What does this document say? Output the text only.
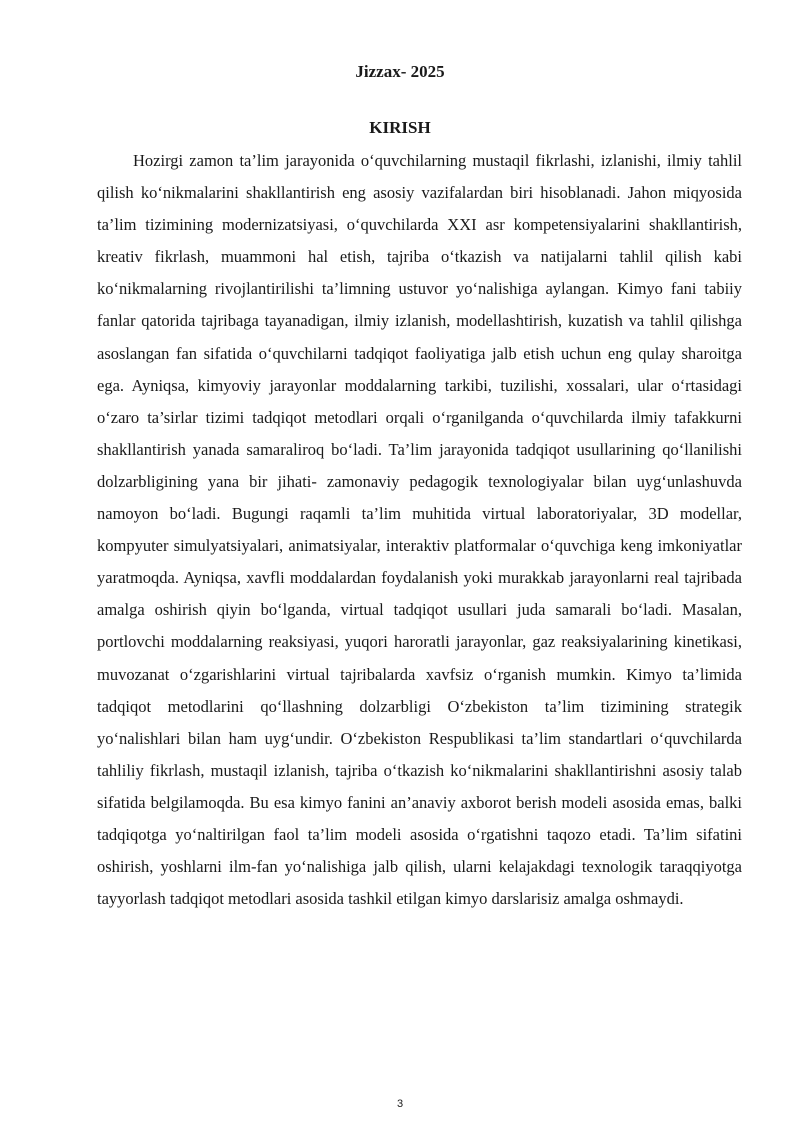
Jizzax- 2025
KIRISH

Hozirgi zamon ta’lim jarayonida o‘quvchilarning mustaqil fikrlashi, izlanishi, ilmiy tahlil qilish ko‘nikmalarini shakllantirish eng asosiy vazifalardan biri hisoblanadi. Jahon miqyosida ta’lim tizimining modernizatsiyasi, o‘quvchilarda XXI asr kompetensiyalarini shakllantirish, kreativ fikrlash, muammoni hal etish, tajriba o‘tkazish va natijalarni tahlil qilish kabi ko‘nikmalarning rivojlantirilishi ta’limning ustuvor yo‘nalishiga aylangan. Kimyo fani tabiiy fanlar qatorida tajribaga tayanadigan, ilmiy izlanish, modellashtirish, kuzatish va tahlil qilishga asoslangan fan sifatida o‘quvchilarni tadqiqot faoliyatiga jalb etish uchun eng qulay sharoitga ega. Ayniqsa, kimyoviy jarayonlar moddalarning tarkibi, tuzilishi, xossalari, ular o‘rtasidagi o‘zaro ta’sirlar tizimi tadqiqot metodlari orqali o‘rganilganda o‘quvchilarda ilmiy tafakkurni shakllantirish yanada samaraliroq bo‘ladi. Ta’lim jarayonida tadqiqot usullarining qo‘llanilishi dolzarbligining yana bir jihati- zamonaviy pedagogik texnologiyalar bilan uyg‘unlashuvda namoyon bo‘ladi. Bugungi raqamli ta’lim muhitida virtual laboratoriyalar, 3D modellar, kompyuter simulyatsiyalari, animatsiyalar, interaktiv platformalar o‘quvchiga keng imkoniyatlar yaratmoqda. Ayniqsa, xavfli moddalardan foydalanish yoki murakkab jarayonlarni real tajribada amalga oshirish qiyin bo‘lganda, virtual tadqiqot usullari juda samarali bo‘ladi. Masalan, portlovchi moddalarning reaksiyasi, yuqori haroratli jarayonlar, gaz reaksiyalarining kinetikasi, muvozanat o‘zgarishlarini virtual tajribalarda xavfsiz o‘rganish mumkin. Kimyo ta’limida tadqiqot metodlarini qo‘llashning dolzarbligi O‘zbekiston ta’lim tizimining strategik yo‘nalishlari bilan ham uyg‘undir. O‘zbekiston Respublikasi ta’lim standartlari o‘quvchilarda tahliliy fikrlash, mustaqil izlanish, tajriba o‘tkazish ko‘nikmalarini shakllantirishni asosiy talab sifatida belgilamoqda. Bu esa kimyo fanini an’anaviy axborot berish modeli asosida emas, balki tadqiqotga yo‘naltirilgan faol ta’lim modeli asosida o‘rgatishni taqozo etadi. Ta’lim sifatini oshirish, yoshlarni ilm-fan yo‘nalishiga jalb qilish, ularni kelajakdagi texnologik taraqqiyotga tayyorlash tadqiqot metodlari asosida tashkil etilgan kimyo darslarisiz amalga oshmaydi.

3
